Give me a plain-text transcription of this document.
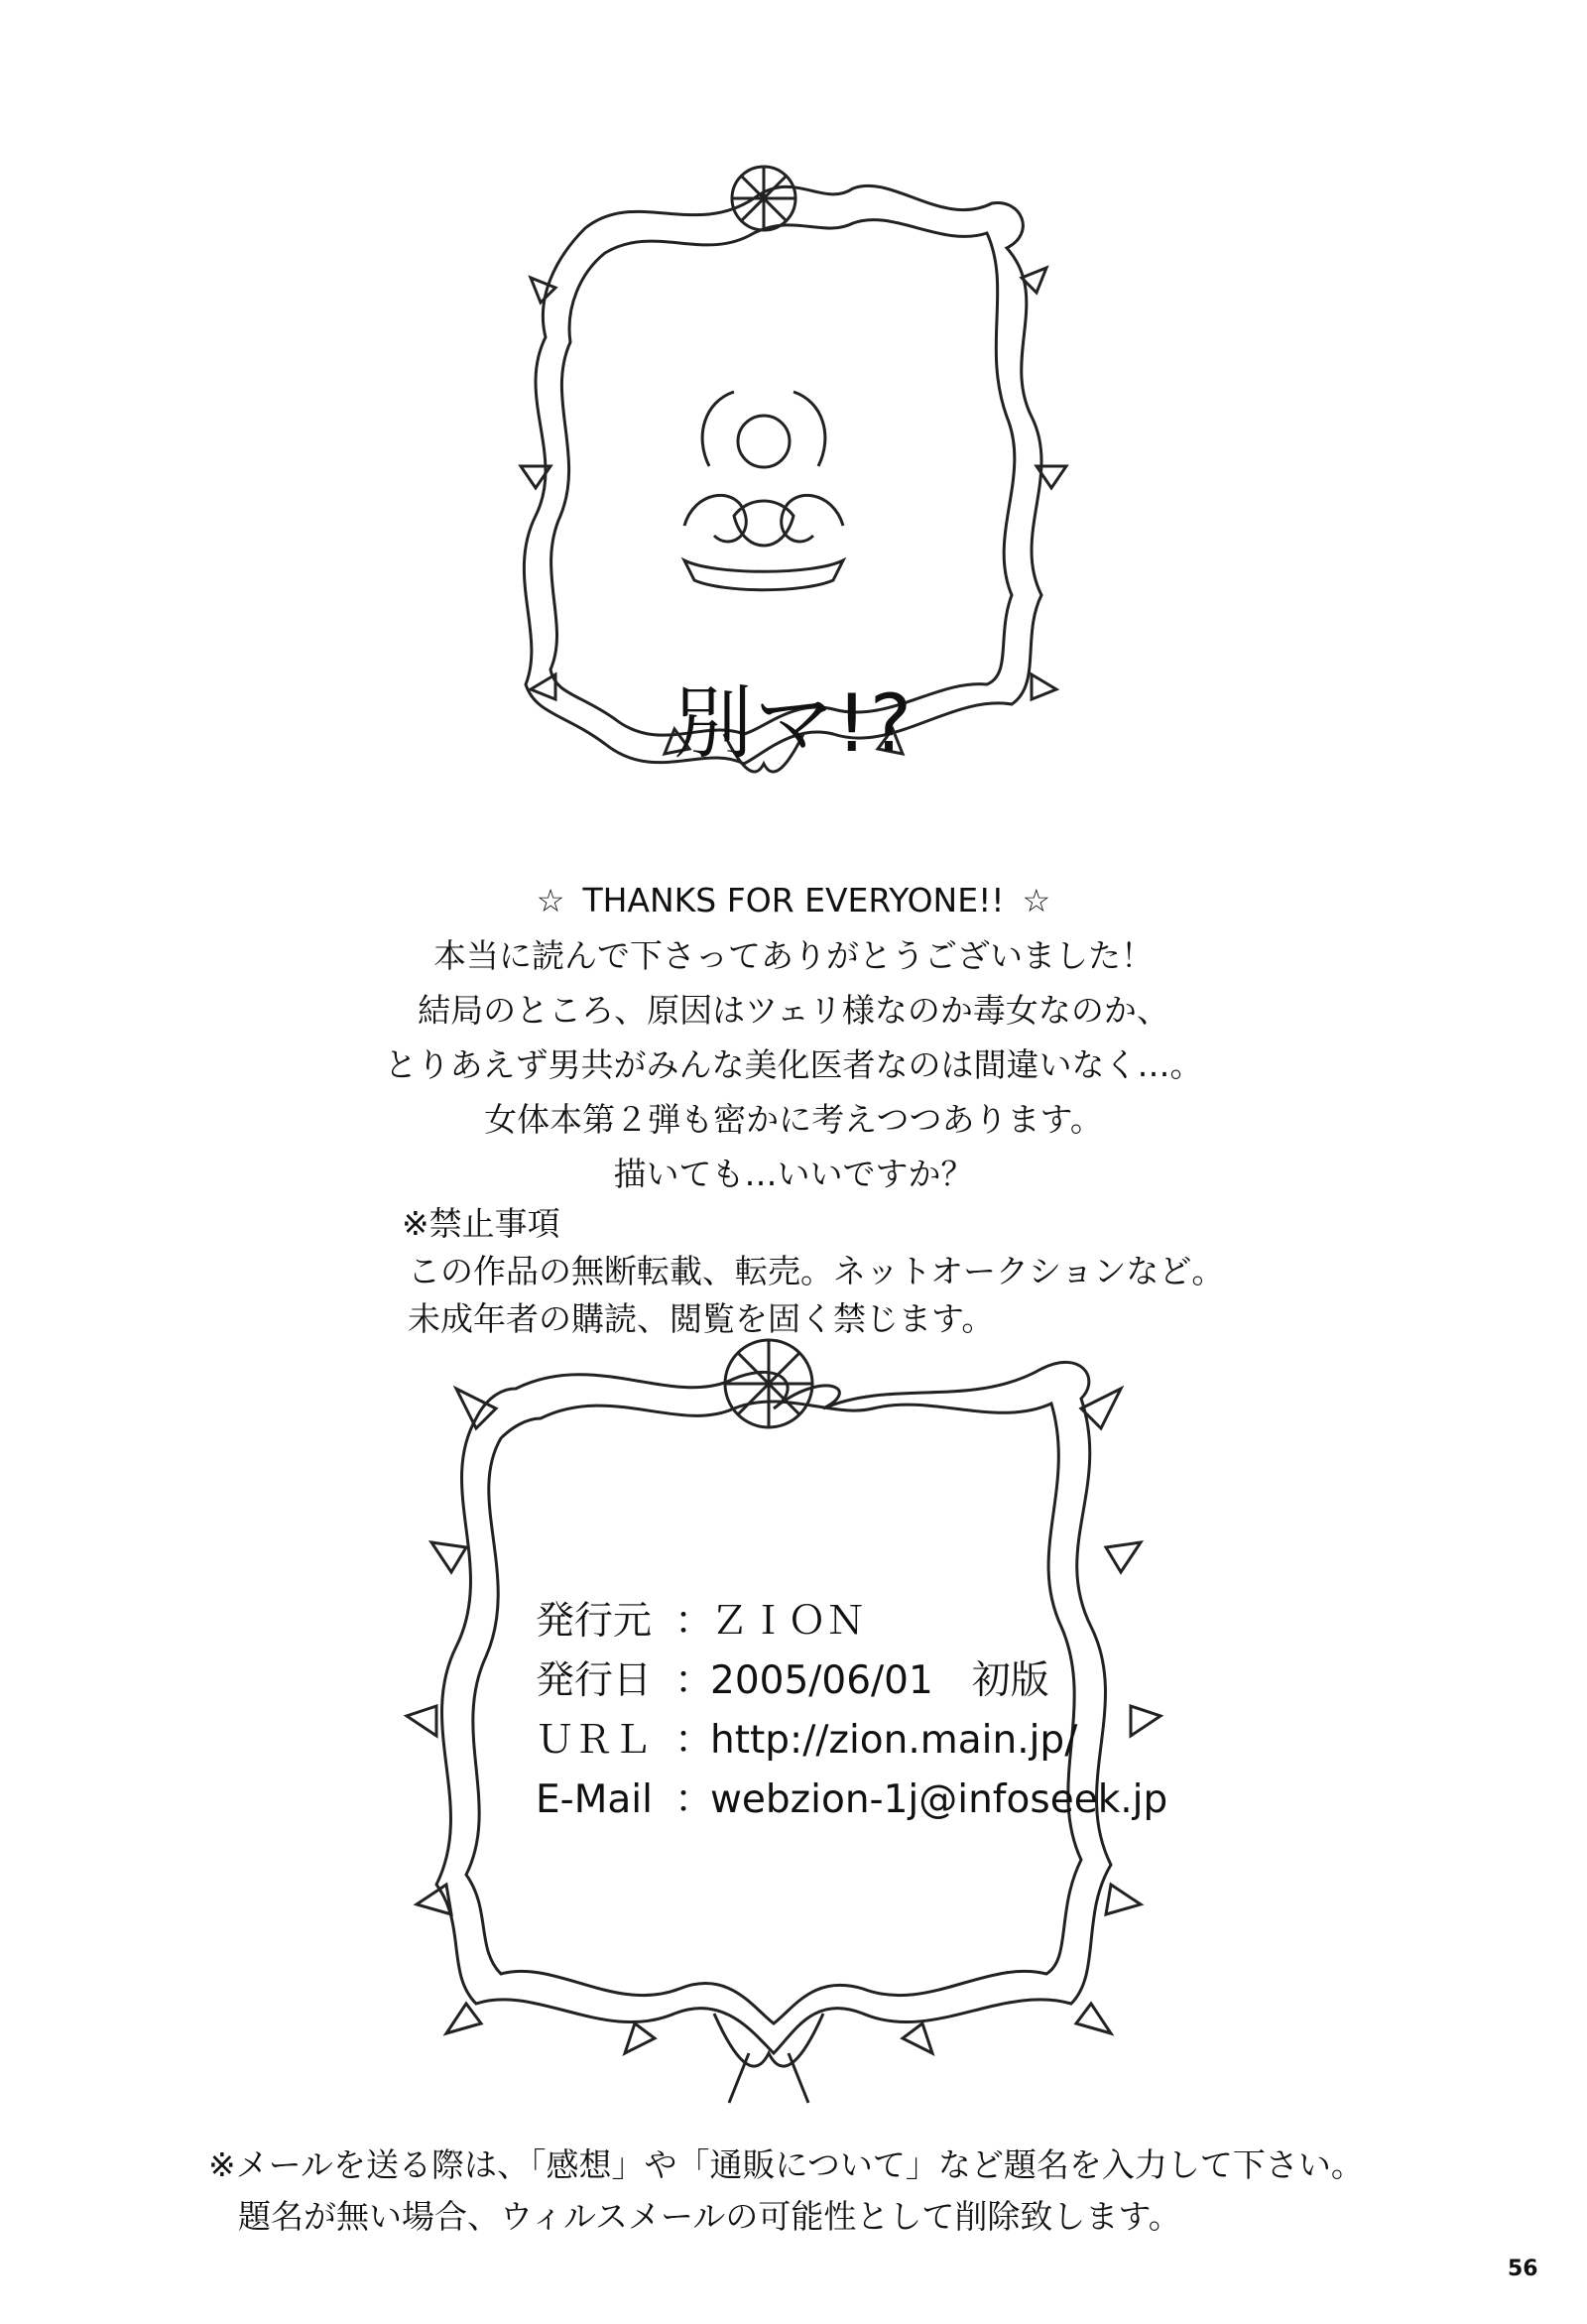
別マ!?
☆ THANKS FOR EVERYONE!! ☆
本当に読んで下さってありがとうございました！
結局のところ、原因はツェリ様なのか毒女なのか、
とりあえず男共がみんな美化医者なのは間違いなく…。
女体本第２弾も密かに考えつつあります。
描いても…いいですか？
※禁止事項
この作品の無断転載、転売。ネットオークションなど。
未成年者の購読、閲覧を固く禁じます。
発行元 ：
ＺＩＯＮ
発行日 ：
2005/06/01　初版
ＵＲＬ ：
http://zion.main.jp/
E-Mail ：
webzion-1j@infoseek.jp
※メールを送る際は、「感想」や「通販について」など題名を入力して下さい。
題名が無い場合、ウィルスメールの可能性として削除致します。
56
